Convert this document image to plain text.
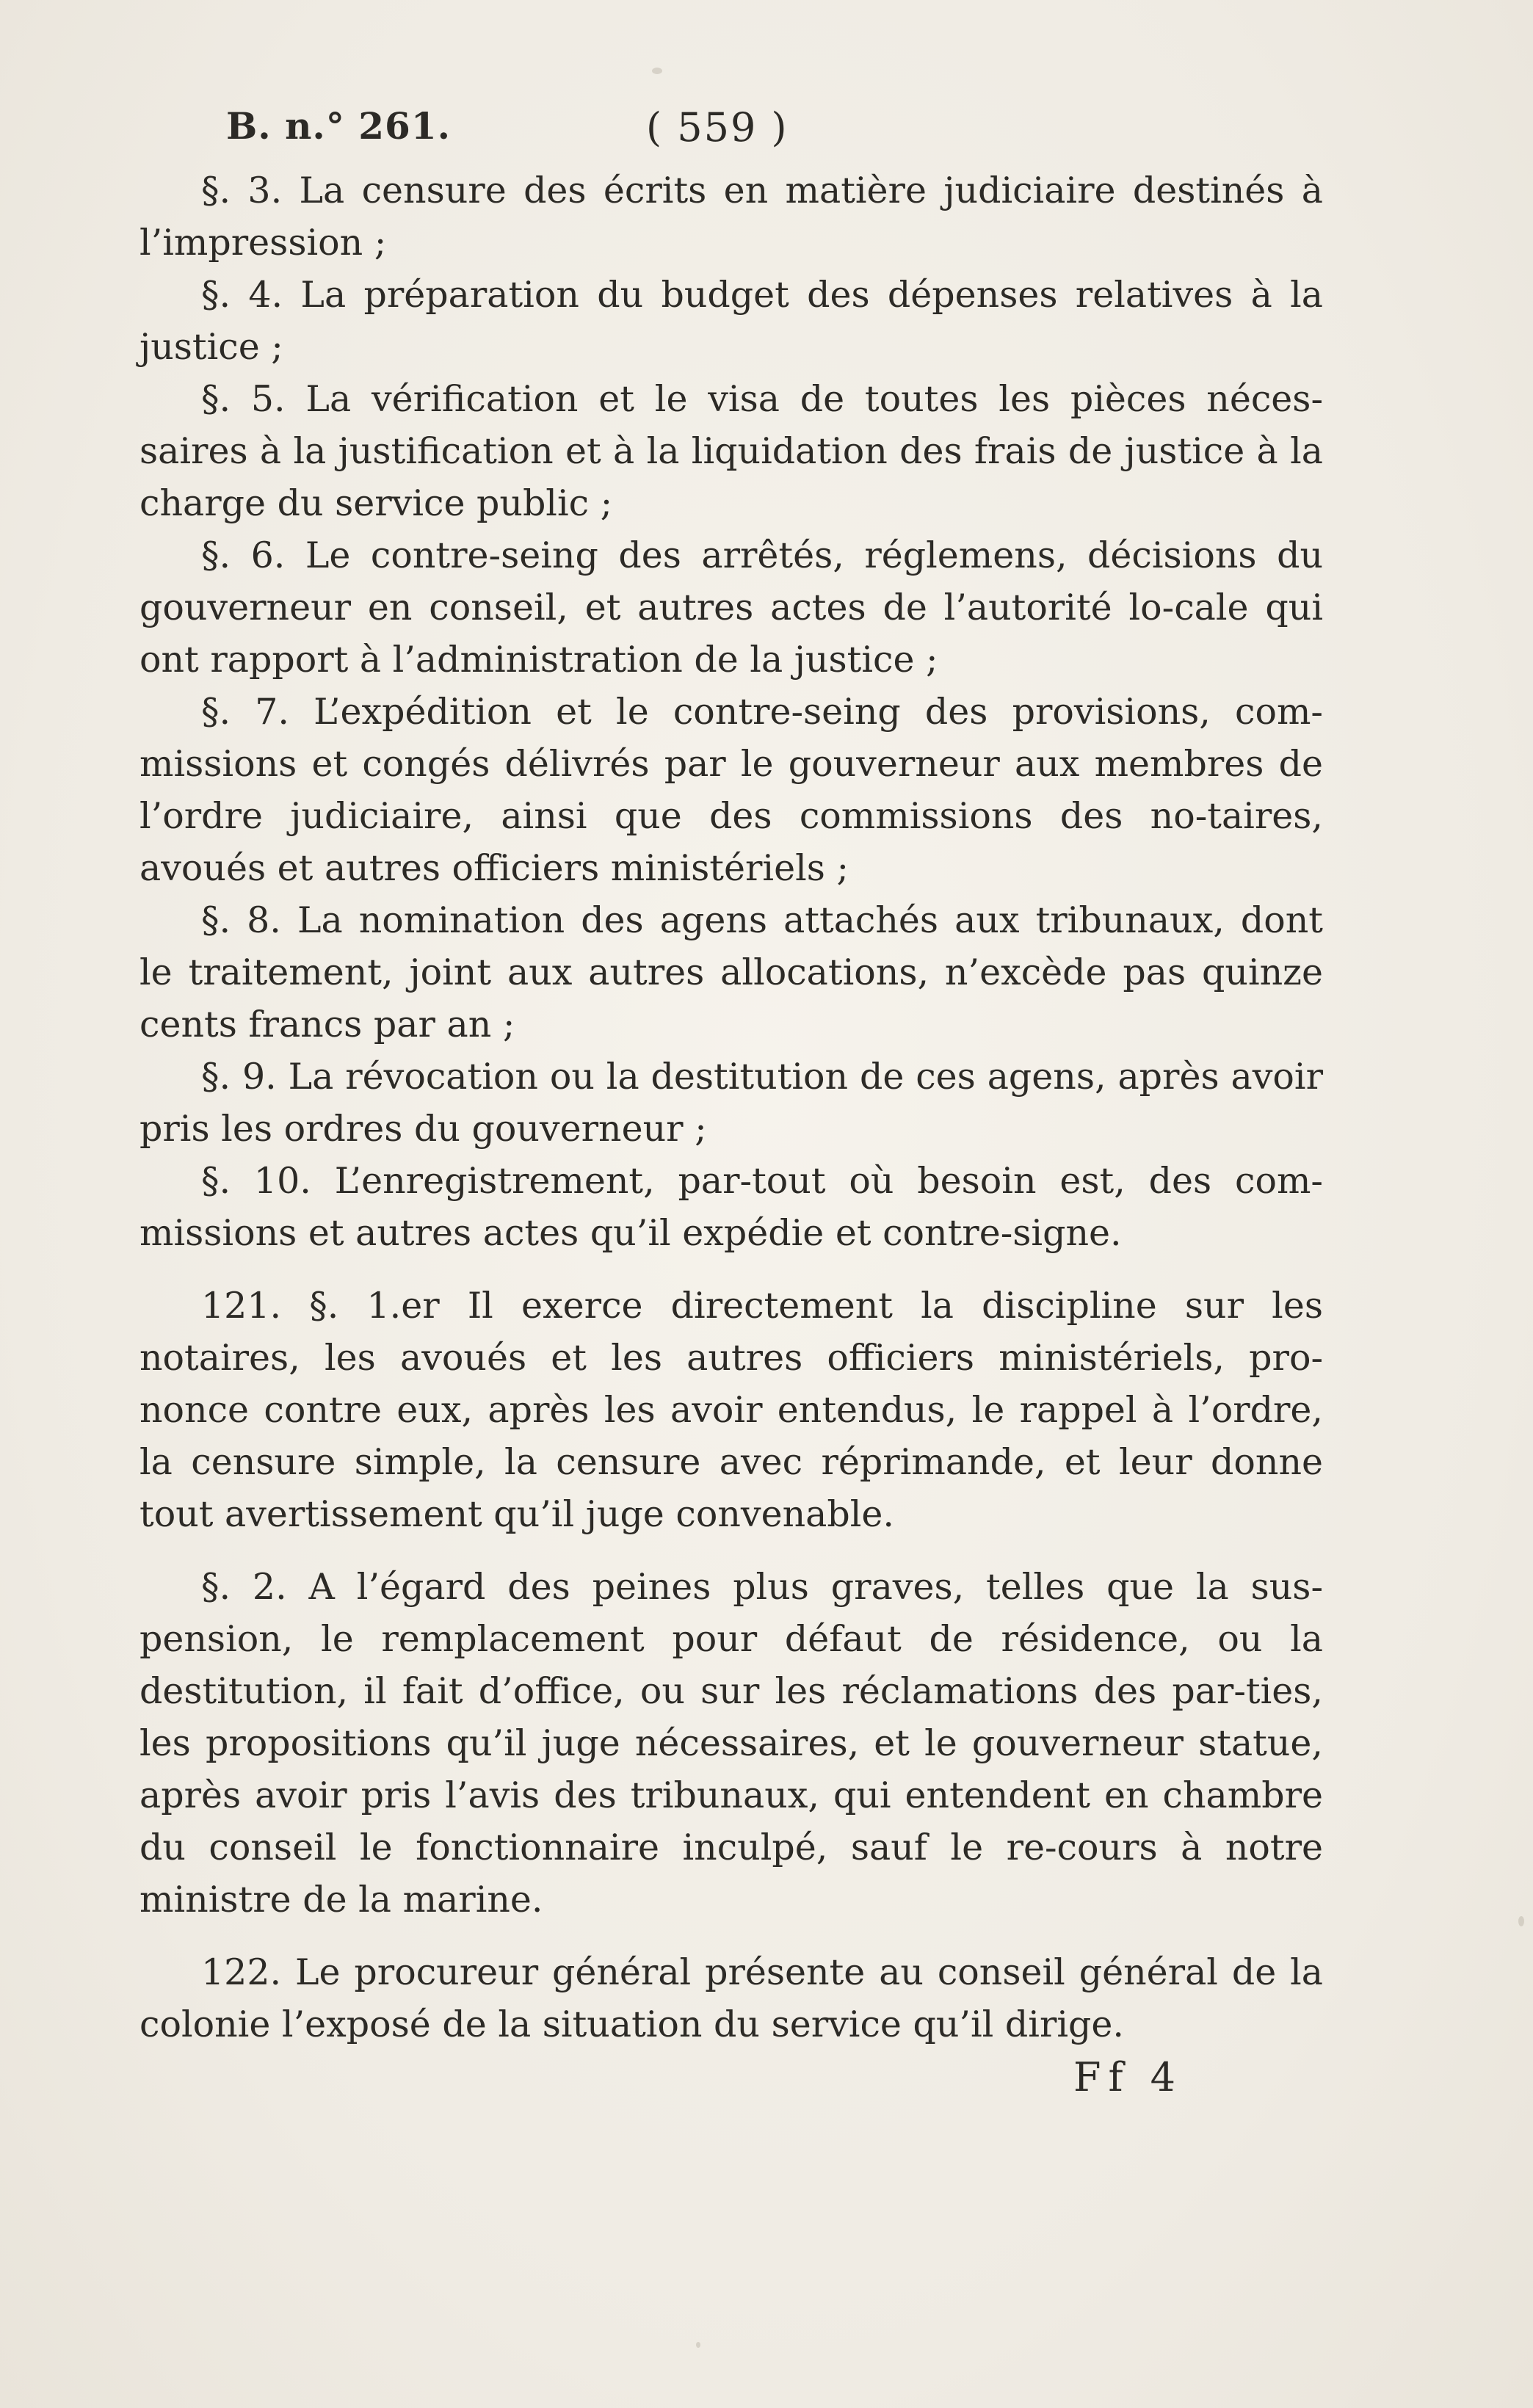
B. n.° 261.	( 559 )

§. 3. La censure des écrits en matière judiciaire destinés à l’impression ;

§. 4. La préparation du budget des dépenses relatives à la justice ;

§. 5. La vérification et le visa de toutes les pièces néces-saires à la justification et à la liquidation des frais de justice à la charge du service public ;

§. 6. Le contre-seing des arrêtés, réglemens, décisions du gouverneur en conseil, et autres actes de l’autorité lo-cale qui ont rapport à l’administration de la justice ;

§. 7. L’expédition et le contre-seing des provisions, com-missions et congés délivrés par le gouverneur aux membres de l’ordre judiciaire, ainsi que des commissions des no-taires, avoués et autres officiers ministériels ;

§. 8. La nomination des agens attachés aux tribunaux, dont le traitement, joint aux autres allocations, n’excède pas quinze cents francs par an ;

§. 9. La révocation ou la destitution de ces agens, après avoir pris les ordres du gouverneur ;

§. 10. L’enregistrement, par-tout où besoin est, des com-missions et autres actes qu’il expédie et contre-signe.

121. §. 1.er Il exerce directement la discipline sur les notaires, les avoués et les autres officiers ministériels, pro-nonce contre eux, après les avoir entendus, le rappel à l’ordre, la censure simple, la censure avec réprimande, et leur donne tout avertissement qu’il juge convenable.

§. 2. A l’égard des peines plus graves, telles que la sus-pension, le remplacement pour défaut de résidence, ou la destitution, il fait d’office, ou sur les réclamations des par-ties, les propositions qu’il juge nécessaires, et le gouverneur statue, après avoir pris l’avis des tribunaux, qui entendent en chambre du conseil le fonctionnaire inculpé, sauf le re-cours à notre ministre de la marine.

122. Le procureur général présente au conseil général de la colonie l’exposé de la situation du service qu’il dirige.

Ff 4
